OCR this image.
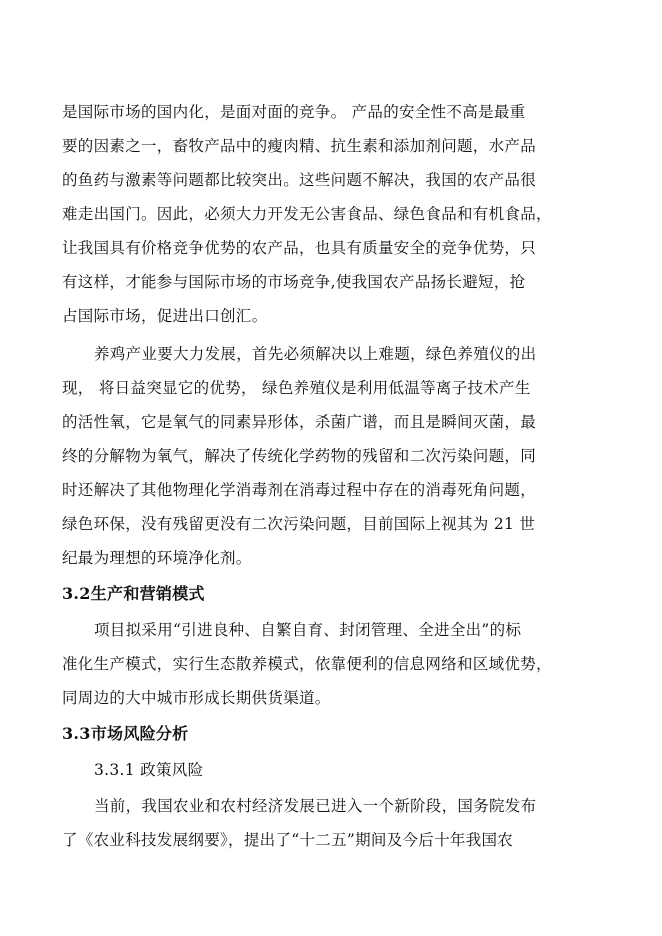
是国际市场的国内化，是面对面的竞争。 产品的安全性不高是最重
要的因素之一，畜牧产品中的瘦肉精、抗生素和添加剂问题，水产品
的鱼药与激素等问题都比较突出。这些问题不解决，我国的农产品很
难走出国门。因此，必须大力开发无公害食品、绿色食品和有机食品，
让我国具有价格竞争优势的农产品，也具有质量安全的竞争优势，只
有这样，才能参与国际市场的市场竞争,使我国农产品扬长避短，抢
占国际市场，促进出口创汇。
养鸡产业要大力发展，首先必须解决以上难题，绿色养殖仪的出
现， 将日益突显它的优势， 绿色养殖仪是利用低温等离子技术产生
的活性氧，它是氧气的同素异形体，杀菌广谱，而且是瞬间灭菌，最
终的分解物为氧气，解决了传统化学药物的残留和二次污染问题，同
时还解决了其他物理化学消毒剂在消毒过程中存在的消毒死角问题，
绿色环保，没有残留更没有二次污染问题，目前国际上视其为 21 世
纪最为理想的环境净化剂。
3.2生产和营销模式
项目拟采用“引进良种、自繁自育、封闭管理、全进全出”的标
准化生产模式，实行生态散养模式，依靠便利的信息网络和区域优势，
同周边的大中城市形成长期供货渠道。
3.3市场风险分析
3.3.1 政策风险
当前，我国农业和农村经济发展已进入一个新阶段，国务院发布
了《农业科技发展纲要》，提出了“十二五”期间及今后十年我国农
